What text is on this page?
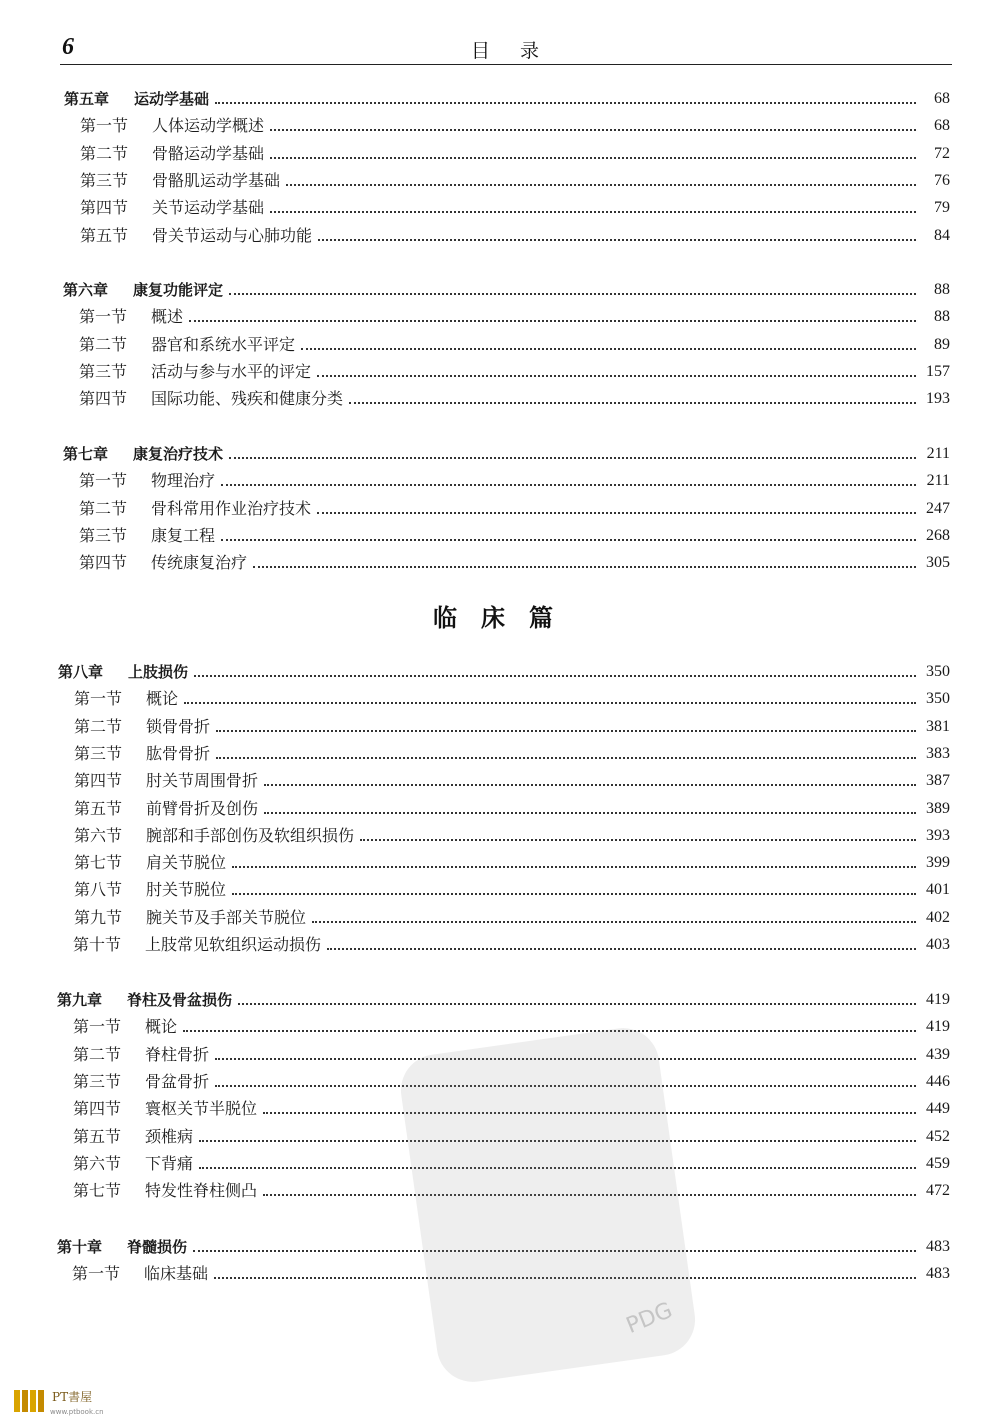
6	目录
第五章	运动学基础	68
第一节	人体运动学概述	68
第二节	骨骼运动学基础	72
第三节	骨骼肌运动学基础	76
第四节	关节运动学基础	79
第五节	骨关节运动与心肺功能	84
第六章	康复功能评定	88
第一节	概述	88
第二节	器官和系统水平评定	89
第三节	活动与参与水平的评定	157
第四节	国际功能、残疾和健康分类	193
第七章	康复治疗技术	211
第一节	物理治疗	211
第二节	骨科常用作业治疗技术	247
第三节	康复工程	268
第四节	传统康复治疗	305
第八章	上肢损伤	350
第一节	概论	350
第二节	锁骨骨折	381
第三节	肱骨骨折	383
第四节	肘关节周围骨折	387
第五节	前臂骨折及创伤	389
第六节	腕部和手部创伤及软组织损伤	393
第七节	肩关节脱位	399
第八节	肘关节脱位	401
第九节	腕关节及手部关节脱位	402
第十节	上肢常见软组织运动损伤	403
第九章	脊柱及骨盆损伤	419
第一节	概论	419
第二节	脊柱骨折	439
第三节	骨盆骨折	446
第四节	寰枢关节半脱位	449
第五节	颈椎病	452
第六节	下背痛	459
第七节	特发性脊柱侧凸	472
第十章	脊髓损伤	483
第一节	临床基础	483
临床篇
PDG
PT書屋
www.ptbook.cn
